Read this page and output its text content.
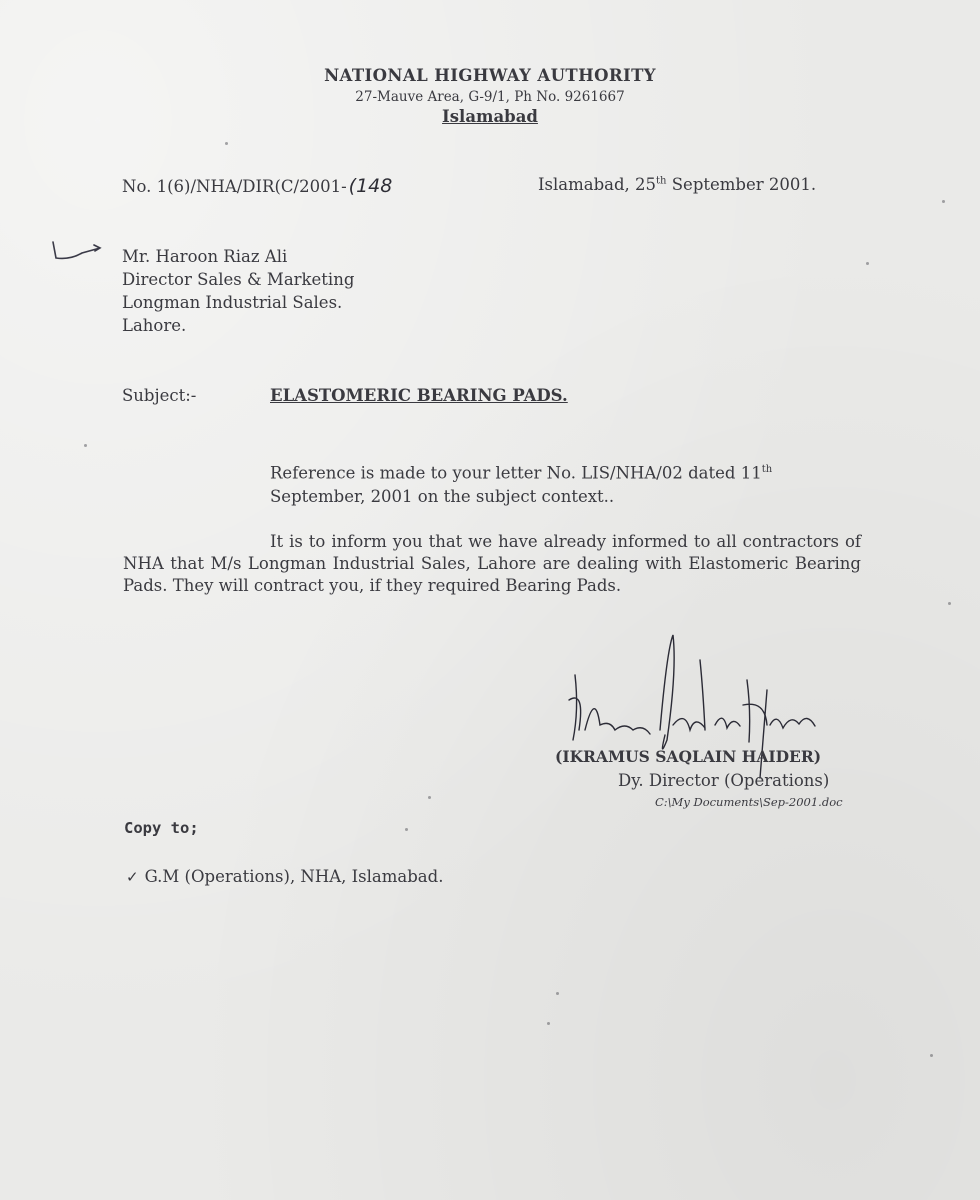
NATIONAL HIGHWAY AUTHORITY
27-Mauve Area, G-9/1, Ph No. 9261667
Islamabad
No. 1(6)/NHA/DIR(C/2001- (148	Islamabad, 25th September 2001.
Mr. Haroon Riaz Ali
Director Sales & Marketing
Longman Industrial Sales.
Lahore.
Subject:-	ELASTOMERIC BEARING PADS.
Reference is made to your letter No. LIS/NHA/02 dated 11th September, 2001 on the subject context..
It is to inform you that we have already informed to all contractors of NHA that M/s Longman Industrial Sales, Lahore are dealing with Elastomeric Bearing Pads. They will contract you, if they required Bearing Pads.
(IKRAMUS SAQLAIN HAIDER)
Dy. Director (Operations)
C:\My Documents\Sep-2001.doc
Copy to;
✓ G.M (Operations), NHA, Islamabad.
